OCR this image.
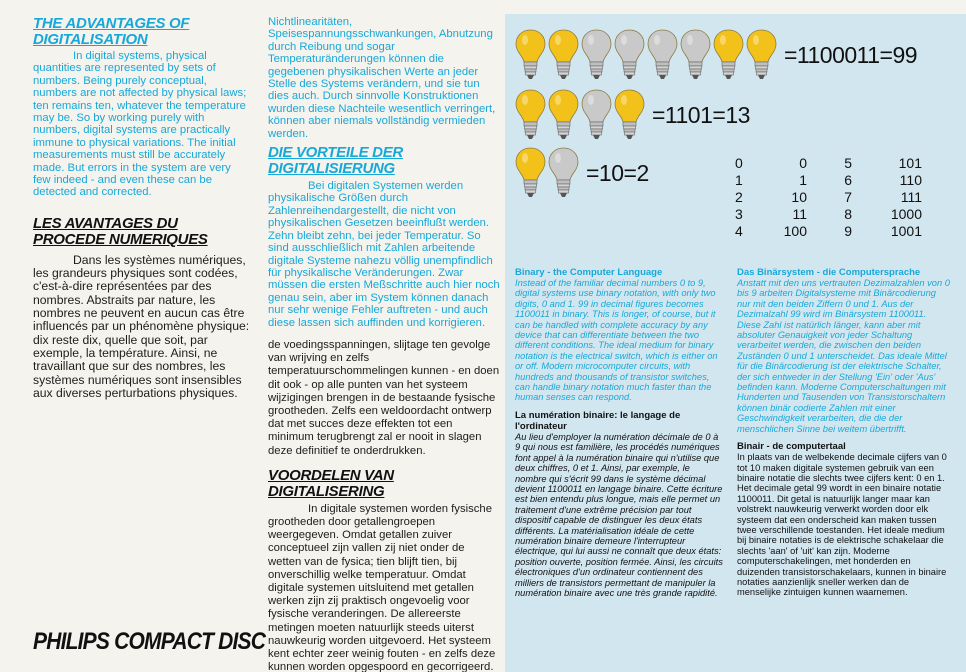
THE ADVANTAGES OF DIGITALISATION

In digital systems, physical quantities are represented by sets of numbers. Being purely conceptual, numbers are not affected by physical laws; ten remains ten, whatever the temperature may be. So by working purely with numbers, digital systems are practically immune to physical variations. The initial measurements must still be accurately made. But errors in the system are very few indeed - and even these can be detected and corrected.

LES AVANTAGES DU PROCEDE NUMERIQUES

Dans les systèmes numériques, les grandeurs physiques sont codées, c'est-à-dire représentées par des nombres. Abstraits par nature, les nombres ne peuvent en aucun cas être influencés par un phénomène physique: dix reste dix, quelle que soit, par exemple, la température. Ainsi, ne travaillant que sur des nombres, les systèmes numériques sont insensibles aux diverses perturbations physiques.

Nichtlinearitäten, Speisespannungsschwankungen, Abnutzung durch Reibung und sogar Temperaturänderungen können die gegebenen physikalischen Werte an jeder Stelle des Systems verändern, und sie tun dies auch. Durch sinnvolle Konstruktionen wurden diese Nachteile wesentlich verringert, können aber niemals vollständig vermieden werden.

DIE VORTEILE DER DIGITALISIERUNG

Bei digitalen Systemen werden physikalische Größen durch Zahlenreihendargestellt, die nicht von physikalischen Gesetzen beeinflußt werden. Zehn bleibt zehn, bei jeder Temperatur. So sind ausschließlich mit Zahlen arbeitende digitale Systeme nahezu völlig unempfindlich für physikalische Veränderungen. Zwar müssen die ersten Meßschritte auch hier noch genau sein, aber im System können danach nur sehr wenige Fehler auftreten - und auch diese lassen sich auffinden und korrigieren.

de voedingsspanningen, slijtage ten gevolge van wrijving en zelfs temperatuurschommelingen kunnen - en doen dit ook - op alle punten van het systeem wijzigingen brengen in de bestaande fysische grootheden. Zelfs een weldoordacht ontwerp dat met succes deze effekten tot een minimum terugbrengt zal er nooit in slagen deze definitief te onderdrukken.

VOORDELEN VAN DIGITALISERING

In digitale systemen worden fysische grootheden door getallengroepen weergegeven. Omdat getallen zuiver conceptueel zijn vallen zij niet onder de wetten van de fysica; tien blijft tien, bij onverschillig welke temperatuur. Omdat digitale systemen uitsluitend met getallen werken zijn zij praktisch ongevoelig voor fysische veranderingen. De allereerste metingen moeten natuurlijk steeds uiterst nauwkeurig worden uitgevoerd. Het systeem kent echter zeer weinig fouten - en zelfs deze kunnen worden opgespoord en gecorrigeerd.

PHILIPS COMPACT DISC
=1100011=99
=1101=13
=10=2	0	0	5	101
1	1	6	110
2	10	7	111
3	11	8	1000
4	100	9	1001
Binary - the Computer Language

Instead of the familiar decimal numbers 0 to 9, digital systems use binary notation, with only two digits, 0 and 1. 99 in decimal figures becomes 1100011 in binary. This is longer, of course, but it can be handled with complete accuracy by any device that can differentiate between the two different conditions. The ideal medium for binary notation is the electrical switch, which is either on or off. Modern microcomputer circuits, with hundreds and thousands of transistor switches, can handle binary notation much faster than the human senses can respond.

La numération binaire: le langage de l'ordinateur

Au lieu d'employer la numération décimale de 0 à 9 qui nous est familière, les procédés numériques font appel à la numération binaire qui n'utilise que deux chiffres, 0 et 1. Ainsi, par exemple, le nombre qui s'écrit 99 dans le système décimal devient 1100011 en langage binaire. Cette écriture est bien entendu plus longue, mais elle permet un traitement d'une extrême précision par tout dispositif capable de distinguer les deux états différents. La matérialisation idéale de cette numération binaire demeure l'interrupteur électrique, qui lui aussi ne connaît que deux états: position ouverte, position fermée. Ainsi, les circuits électroniques d'un ordinateur contiennent des milliers de transistors permettant de manipuler la numération binaire avec une très grande rapidité.

Das Binärsystem - die Computersprache

Anstatt mit den uns vertrauten Dezimalzahlen von 0 bis 9 arbeiten Digitalsysteme mit Binärcodierung nur mit den beiden Ziffern 0 und 1. Aus der Dezimalzahl 99 wird im Binärsystem 1100011. Diese Zahl ist natürlich länger, kann aber mit absoluter Genauigkeit von jeder Schaltung verarbeitet werden, die zwischen den beiden Zuständen 0 und 1 unterscheidet. Das ideale Mittel für die Binärcodierung ist der elektrische Schalter, der sich entweder in der Stellung 'Ein' oder 'Aus' befinden kann. Moderne Computerschaltungen mit Hunderten und Tausenden von Transistorschaltern können binär codierte Zahlen mit einer Geschwindigkeit verarbeiten, die die der menschlichen Sinne bei weitem übertrifft.

Binair - de computertaal

In plaats van de welbekende decimale cijfers van 0 tot 10 maken digitale systemen gebruik van een binaire notatie die slechts twee cijfers kent: 0 en 1. Het decimale getal 99 wordt in een binaire notatie 1100011. Dit getal is natuurlijk langer maar kan volstrekt nauwkeurig verwerkt worden door elk systeem dat een onderscheid kan maken tussen twee verschillende toestanden. Het ideale medium bij binaire notaties is de elektrische schakelaar die slechts 'aan' of 'uit' kan zijn. Moderne computerschakelingen, met honderden en duizenden transistorschakelaars, kunnen in binaire notaties aanzienlijk sneller werken dan de menselijke zintuigen kunnen waarnemen.
